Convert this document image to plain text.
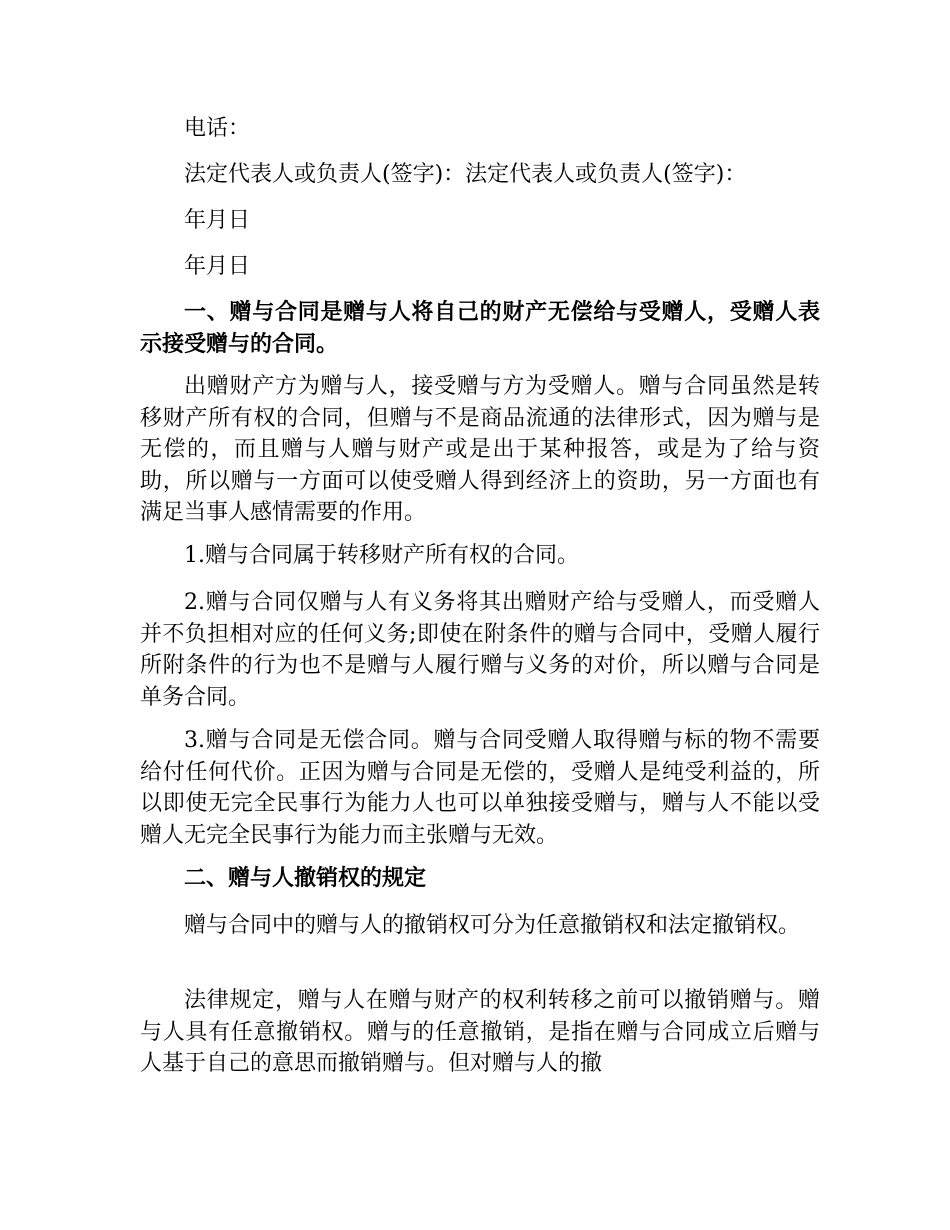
电话：

法定代表人或负责人(签字)：法定代表人或负责人(签字)：

年月日

年月日

一、赠与合同是赠与人将自己的财产无偿给与受赠人，受赠人表示接受赠与的合同。

出赠财产方为赠与人，接受赠与方为受赠人。赠与合同虽然是转移财产所有权的合同，但赠与不是商品流通的法律形式，因为赠与是无偿的，而且赠与人赠与财产或是出于某种报答，或是为了给与资助，所以赠与一方面可以使受赠人得到经济上的资助，另一方面也有满足当事人感情需要的作用。

1.赠与合同属于转移财产所有权的合同。

2.赠与合同仅赠与人有义务将其出赠财产给与受赠人，而受赠人并不负担相对应的任何义务;即使在附条件的赠与合同中，受赠人履行所附条件的行为也不是赠与人履行赠与义务的对价，所以赠与合同是单务合同。

3.赠与合同是无偿合同。赠与合同受赠人取得赠与标的物不需要给付任何代价。正因为赠与合同是无偿的，受赠人是纯受利益的，所以即使无完全民事行为能力人也可以单独接受赠与，赠与人不能以受赠人无完全民事行为能力而主张赠与无效。

二、赠与人撤销权的规定

赠与合同中的赠与人的撤销权可分为任意撤销权和法定撤销权。

法律规定，赠与人在赠与财产的权利转移之前可以撤销赠与。赠与人具有任意撤销权。赠与的任意撤销，是指在赠与合同成立后赠与人基于自己的意思而撤销赠与。但对赠与人的撤
